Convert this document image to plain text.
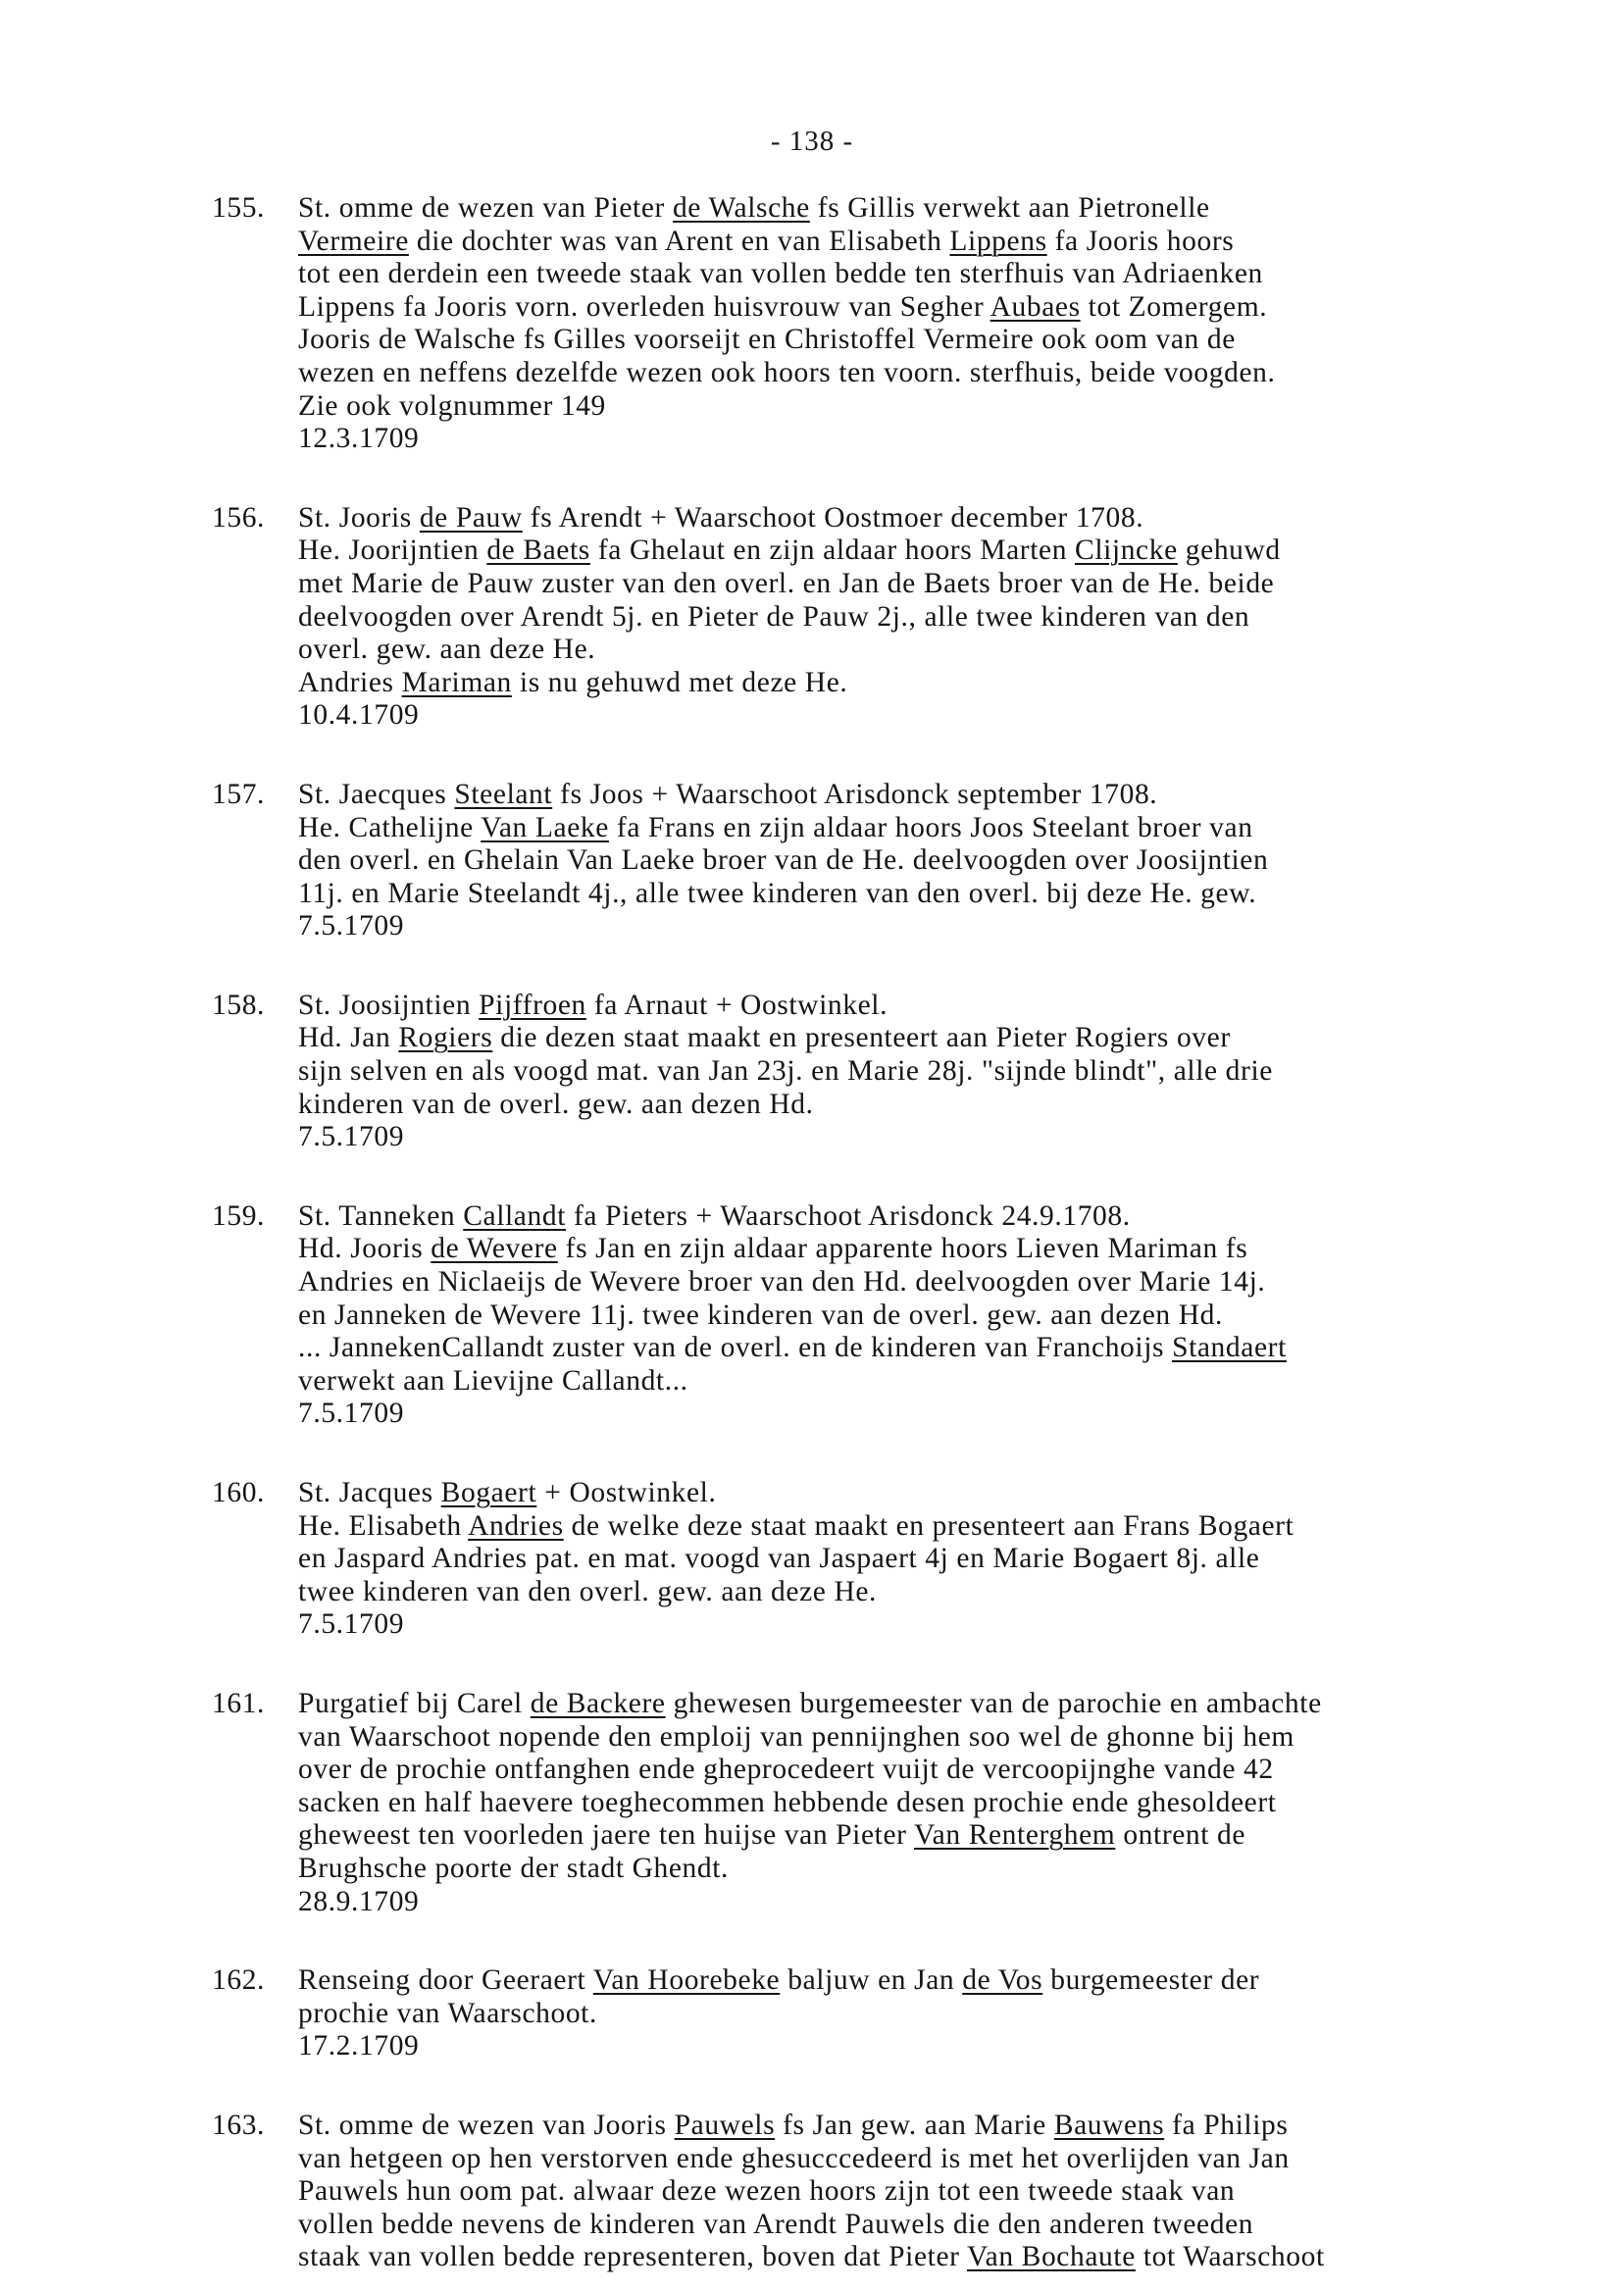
- 138 -
155. St. omme de wezen van Pieter de Walsche fs Gillis verwekt aan Pietronelle
Vermeire die dochter was van Arent en van Elisabeth Lippens fa Jooris hoors
tot een derdein een tweede staak van vollen bedde ten sterfhuis van Adriaenken
Lippens fa Jooris vorn. overleden huisvrouw van Segher Aubaes tot Zomergem.
Jooris de Walsche fs Gilles voorseijt en Christoffel Vermeire ook oom van de
wezen en neffens dezelfde wezen ook hoors ten voorn. sterfhuis, beide voogden.
Zie ook volgnummer 149
12.3.1709
156. St. Jooris de Pauw fs Arendt + Waarschoot Oostmoer december 1708.
He. Joorijntien de Baets fa Ghelaut en zijn aldaar hoors Marten Clijncke gehuwd
met Marie de Pauw zuster van den overl. en Jan de Baets broer van de He. beide
deelvoogden over Arendt 5j. en Pieter de Pauw 2j., alle twee kinderen van den
overl. gew. aan deze He.
Andries Mariman is nu gehuwd met deze He.
10.4.1709
157. St. Jaecques Steelant fs Joos + Waarschoot Arisdonck september 1708.
He. Cathelijne Van Laeke fa Frans en zijn aldaar hoors Joos Steelant broer van
den overl. en Ghelain Van Laeke broer van de He. deelvoogden over Joosijntien
11j. en Marie Steelandt 4j., alle twee kinderen van den overl. bij deze He. gew.
7.5.1709
158. St. Joosijntien Pijffroen fa Arnaut + Oostwinkel.
Hd. Jan Rogiers die dezen staat maakt en presenteert aan Pieter Rogiers over
sijn selven en als voogd mat. van Jan 23j. en Marie 28j. "sijnde blindt", alle drie
kinderen van de overl. gew. aan dezen Hd.
7.5.1709
159. St. Tanneken Callandt fa Pieters + Waarschoot Arisdonck 24.9.1708.
Hd. Jooris de Wevere fs Jan en zijn aldaar apparente hoors Lieven Mariman fs
Andries en Niclaeijs de Wevere broer van den Hd. deelvoogden over Marie 14j.
en Janneken de Wevere 11j. twee kinderen van de overl. gew. aan dezen Hd.
... JannekenCallandt zuster van de overl. en de kinderen van Franchoijs Standaert
verwekt aan Lievijne Callandt...
7.5.1709
160. St. Jacques Bogaert + Oostwinkel.
He. Elisabeth Andries de welke deze staat maakt en presenteert aan Frans Bogaert
en Jaspard Andries pat. en mat. voogd van Jaspaert 4j en Marie Bogaert 8j. alle
twee kinderen van den overl. gew. aan deze He.
7.5.1709
161. Purgatief bij Carel de Backere ghewesen burgemeester van de parochie en ambachte
van Waarschoot nopende den emploij van pennijnghen soo wel de ghonne bij hem
over de prochie ontfanghen ende gheprocedeert vuijt de vercoopijnghe vande 42
sacken en half haevere toeghecommen hebbende desen prochie ende ghesoldeert
gheweest ten voorleden jaere ten huijse van Pieter Van Renterghem ontrent de
Brughsche poorte der stadt Ghendt.
28.9.1709
162. Renseing door Geeraert Van Hoorebeke baljuw en Jan de Vos burgemeester der
prochie van Waarschoot.
17.2.1709
163. St. omme de wezen van Jooris Pauwels fs Jan gew. aan Marie Bauwens fa Philips
van hetgeen op hen verstorven ende ghesucccedeerd is met het overlijden van Jan
Pauwels hun oom pat. alwaar deze wezen hoors zijn tot een tweede staak van
vollen bedde nevens de kinderen van Arendt Pauwels die den anderen tweeden
staak van vollen bedde representeren, boven dat Pieter Van Bochaute tot Waarschoot
